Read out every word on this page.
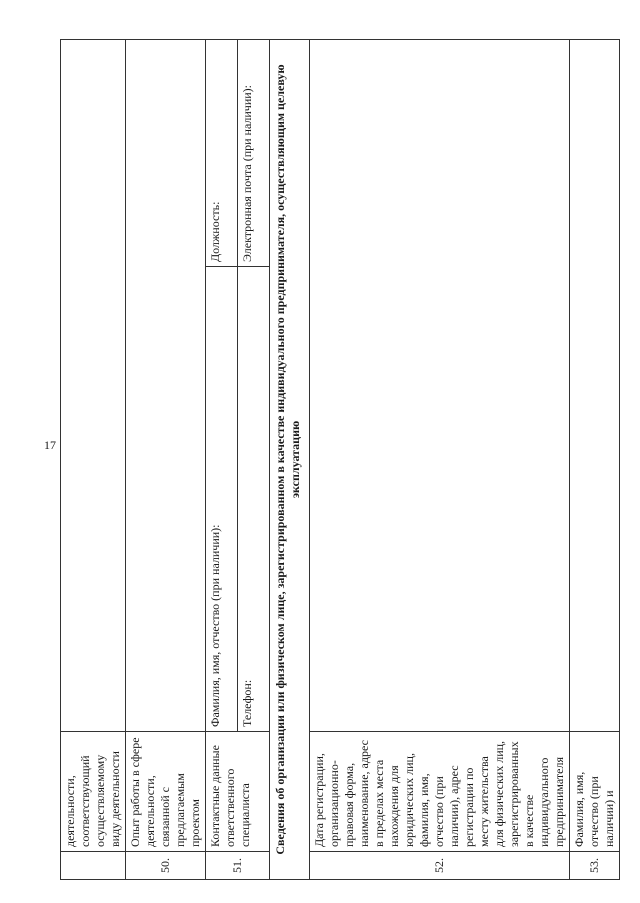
17
	деятельности, соответствующий осуществляемому виду деятельности		
50.	Опыт работы в сфере деятельности, связанной с предлагаемым проектом		
51.	Контактные данные ответственного специалиста	Фамилия, имя, отчество (при наличии):	Должность:
		Телефон:	Электронная почта (при наличии):
Сведения об организации или физическом лице, зарегистрированном в качестве индивидуального предпринимателя, осуществляющим целевую эксплуатацию			
52.	Дата регистрации, организационно-правовая форма, наименование, адрес в пределах места нахождения для юридических лиц, фамилия, имя, отчество (при наличии), адрес регистрации по месту жительства для физических лиц, зарегистрированных в качестве индивидуального предпринимателя		
53.	Фамилия, имя, отчество (при наличии) и		
